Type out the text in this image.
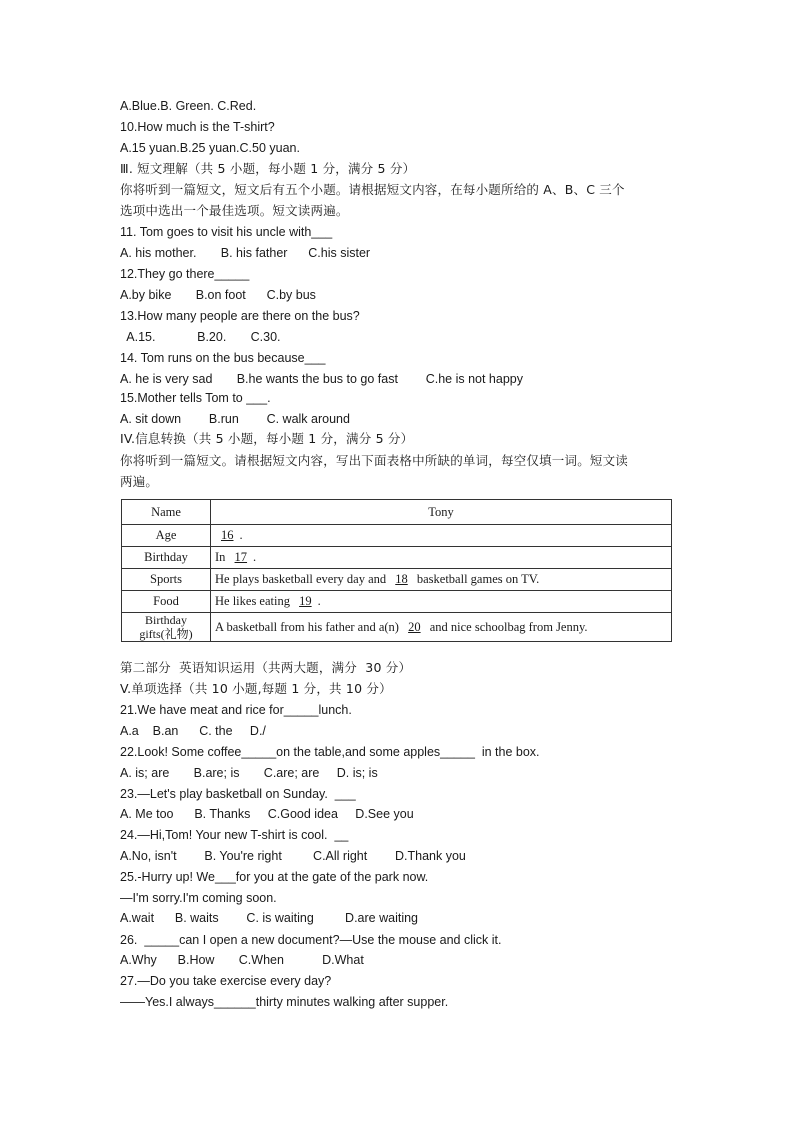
A.Blue.B. Green. C.Red.
10.How much is the T-shirt?
A.15 yuan.B.25 yuan.C.50 yuan.
Ⅲ. 短文理解（共 5 小题，每小题 1 分，满分 5 分）
你将听到一篇短文，短文后有五个小题。请根据短文内容，在每小题所给的 A、B、C 三个
选项中选出一个最佳选项。短文读两遍。
11. Tom goes to visit his uncle with___
A. his mother.       B. his father      C.his sister
12.They go there_____
A.by bike       B.on foot      C.by bus
13.How many people are there on the bus?
A.15.            B.20.       C.30.
14. Tom runs on the bus because___
A. he is very sad       B.he wants the bus to go fast        C.he is not happy
15.Mother tells Tom to ___.
A. sit down        B.run        C. walk around
IV.信息转换（共 5 小题，每小题 1 分，满分 5 分）
你将听到一篇短文。请根据短文内容，写出下面表格中所缺的单词，每空仅填一词。短文读
两遍。
Name	Tony
Age	16 .
Birthday	In 17 .
Sports	He plays basketball every day and 18 basketball games on TV.
Food	He likes eating 19 .
Birthday gifts(礼物)	A basketball from his father and a(n) 20 and nice schoolbag from Jenny.
第二部分  英语知识运用（共两大题，满分  30 分）
V.单项选择（共 10 小题,每题 1 分，共 10 分）
21.We have meat and rice for_____lunch.
A.a    B.an      C. the     D./
22.Look! Some coffee_____on the table,and some apples_____  in the box.
A. is; are       B.are; is       C.are; are     D. is; is
23.—Let's play basketball on Sunday.  ___
A. Me too      B. Thanks     C.Good idea     D.See you
24.—Hi,Tom! Your new T-shirt is cool.  __
A.No, isn't        B. You're right         C.All right        D.Thank you
25.-Hurry up! We___for you at the gate of the park now.
—I'm sorry.I'm coming soon.
A.wait      B. waits        C. is waiting         D.are waiting
26.  _____can I open a new document?—Use the mouse and click it.
A.Why      B.How       C.When           D.What
27.—Do you take exercise every day?
——Yes.I always______thirty minutes walking after supper.
